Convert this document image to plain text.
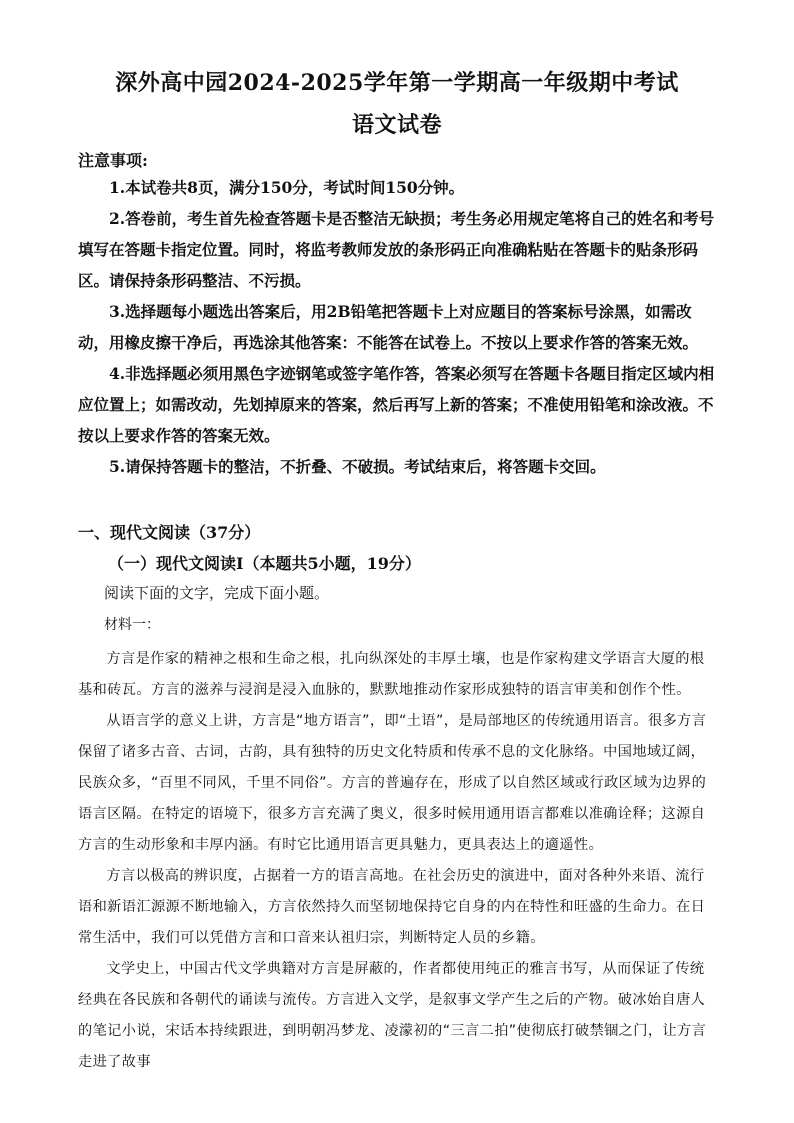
深外高中园2024-2025学年第一学期高一年级期中考试
语文试卷
注意事项:

1.本试卷共8页，满分150分，考试时间150分钟。

2.答卷前，考生首先检查答题卡是否整洁无缺损；考生务必用规定笔将自己的姓名和考号填写在答题卡指定位置。同时，将监考教师发放的条形码正向准确粘贴在答题卡的贴条形码区。请保持条形码整洁、不污损。

3.选择题每小题选出答案后，用2B铅笔把答题卡上对应题目的答案标号涂黑，如需改动，用橡皮擦干净后，再选涂其他答案：不能答在试卷上。不按以上要求作答的答案无效。

4.非选择题必须用黑色字迹钢笔或签字笔作答，答案必须写在答题卡各题目指定区域内相应位置上；如需改动，先划掉原来的答案，然后再写上新的答案；不准使用铅笔和涂改液。不按以上要求作答的答案无效。

5.请保持答题卡的整洁，不折叠、不破损。考试结束后，将答题卡交回。

一、现代文阅读（37分）
（一）现代文阅读Ⅰ（本题共5小题，19分）
阅读下面的文字，完成下面小题。
材料一：

方言是作家的精神之根和生命之根，扎向纵深处的丰厚土壤，也是作家构建文学语言大厦的根基和砖瓦。方言的滋养与浸润是浸入血脉的，默默地推动作家形成独特的语言审美和创作个性。

从语言学的意义上讲，方言是“地方语言”，即“土语”，是局部地区的传统通用语言。很多方言保留了诸多古音、古词，古韵，具有独特的历史文化特质和传承不息的文化脉络。中国地域辽阔，民族众多，“百里不同风，千里不同俗”。方言的普遍存在，形成了以自然区域或行政区域为边界的语言区隔。在特定的语境下，很多方言充满了奥义，很多时候用通用语言都难以准确诠释；这源自方言的生动形象和丰厚内涵。有时它比通用语言更具魅力，更具表达上的適遥性。

方言以极高的辨识度，占据着一方的语言高地。在社会历史的演进中，面对各种外来语、流行语和新语汇源源不断地输入，方言依然持久而坚韧地保持它自身的内在特性和旺盛的生命力。在日常生活中，我们可以凭借方言和口音来认祖归宗，判断特定人员的乡籍。

文学史上，中国古代文学典籍对方言是屏蔽的，作者都使用纯正的雅言书写，从而保证了传统经典在各民族和各朝代的诵读与流传。方言进入文学，是叙事文学产生之后的产物。破冰始自唐人的笔记小说，宋话本持续跟进，到明朝冯梦龙、凌濛初的“三言二拍”使彻底打破禁锢之门，让方言走进了故事
